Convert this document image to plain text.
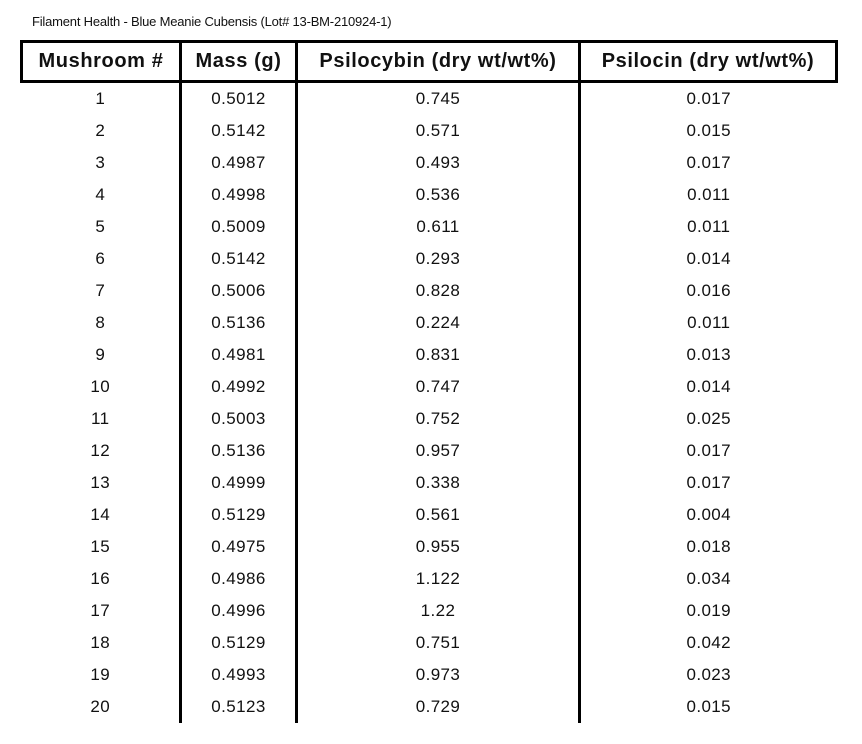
Filament Health - Blue Meanie Cubensis (Lot# 13-BM-210924-1)
Mushroom #	Mass (g)	Psilocybin (dry wt/wt%)	Psilocin (dry wt/wt%)
1	0.5012	0.745	0.017
2	0.5142	0.571	0.015
3	0.4987	0.493	0.017
4	0.4998	0.536	0.011
5	0.5009	0.611	0.011
6	0.5142	0.293	0.014
7	0.5006	0.828	0.016
8	0.5136	0.224	0.011
9	0.4981	0.831	0.013
10	0.4992	0.747	0.014
11	0.5003	0.752	0.025
12	0.5136	0.957	0.017
13	0.4999	0.338	0.017
14	0.5129	0.561	0.004
15	0.4975	0.955	0.018
16	0.4986	1.122	0.034
17	0.4996	1.22	0.019
18	0.5129	0.751	0.042
19	0.4993	0.973	0.023
20	0.5123	0.729	0.015
